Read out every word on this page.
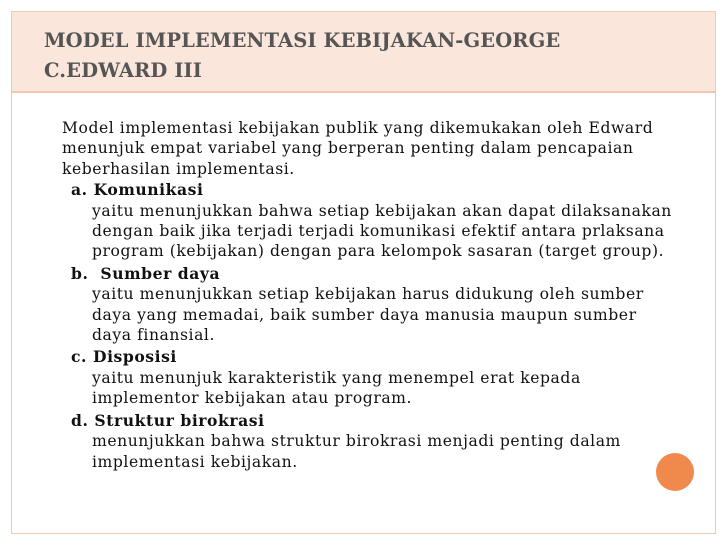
MODEL IMPLEMENTASI KEBIJAKAN-GEORGE C.EDWARD III

Model implementasi kebijakan publik yang dikemukakan oleh Edward menunjuk empat variabel yang berperan penting dalam pencapaian keberhasilan implementasi.

a. Komunikasi
yaitu menunjukkan bahwa setiap kebijakan akan dapat dilaksanakan dengan baik jika terjadi terjadi komunikasi efektif antara prlaksana program (kebijakan) dengan para kelompok sasaran (target group).
b.  Sumber daya
yaitu menunjukkan setiap kebijakan harus didukung oleh sumber daya yang memadai, baik sumber daya manusia maupun sumber daya finansial.
c. Disposisi
yaitu menunjuk karakteristik yang menempel erat kepada implementor kebijakan atau program.
d. Struktur birokrasi
menunjukkan bahwa struktur birokrasi menjadi penting dalam implementasi kebijakan.
